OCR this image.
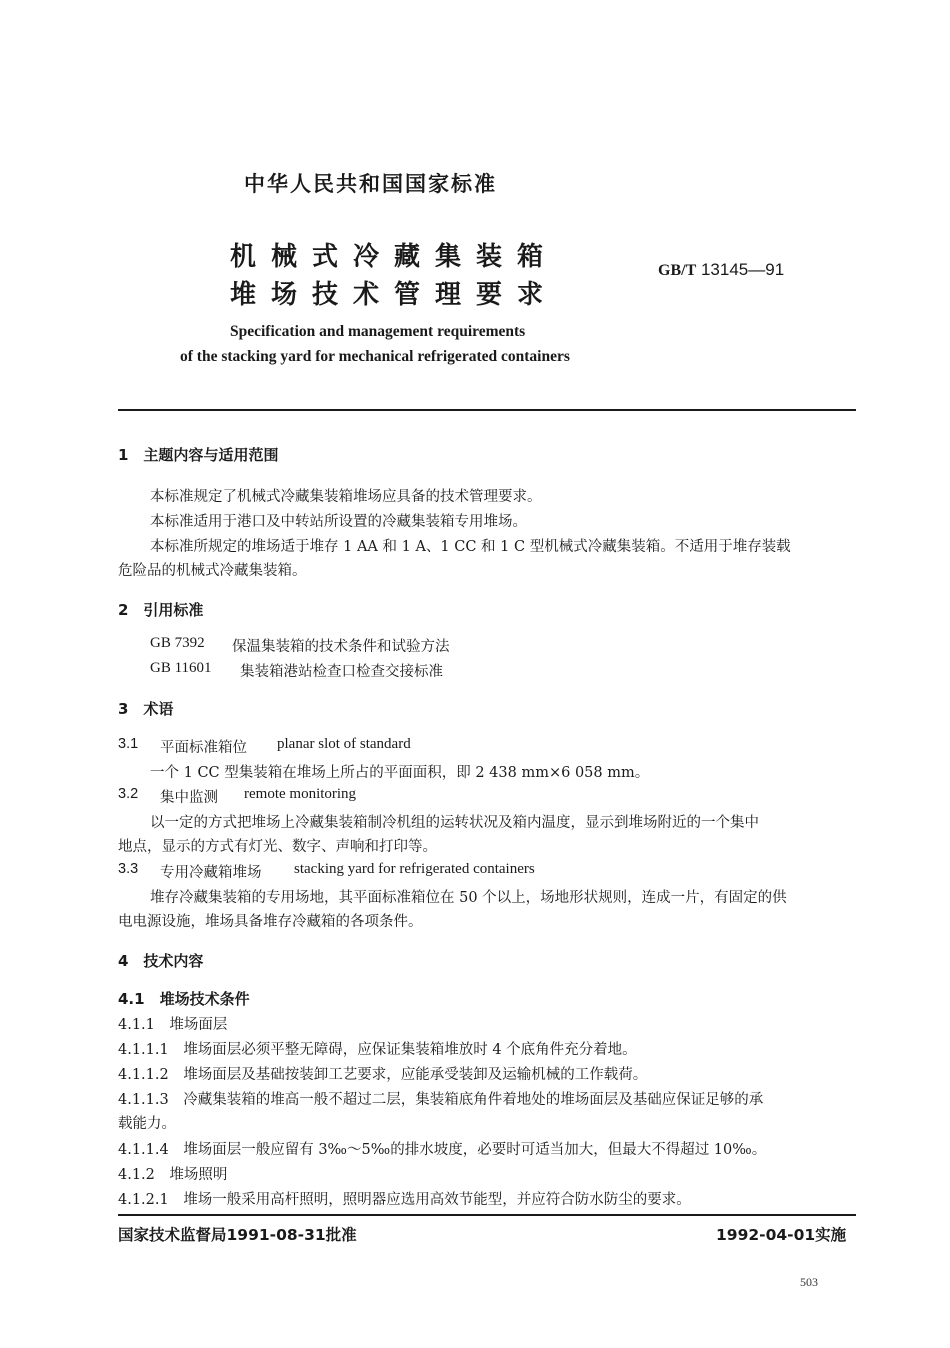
中华人民共和国国家标准
机械式冷藏集装箱
堆场技术管理要求
GB/T 13145—91
Specification and management requirements
of the stacking yard for mechanical refrigerated containers
1　主题内容与适用范围
本标准规定了机械式冷藏集装箱堆场应具备的技术管理要求。
本标准适用于港口及中转站所设置的冷藏集装箱专用堆场。
本标准所规定的堆场适于堆存 1 AA 和 1 A、1 CC 和 1 C 型机械式冷藏集装箱。不适用于堆存装载
危险品的机械式冷藏集装箱。
2　引用标准
GB 7392 保温集装箱的技术条件和试验方法
GB 11601 集装箱港站检查口检查交接标准
3　术语
3.1 平面标准箱位 planar slot of standard
一个 1 CC 型集装箱在堆场上所占的平面面积，即 2 438 mm×6 058 mm。
3.2 集中监测 remote monitoring
以一定的方式把堆场上冷藏集装箱制冷机组的运转状况及箱内温度，显示到堆场附近的一个集中
地点，显示的方式有灯光、数字、声响和打印等。
3.3 专用冷藏箱堆场 stacking yard for refrigerated containers
堆存冷藏集装箱的专用场地，其平面标准箱位在 50 个以上，场地形状规则，连成一片，有固定的供
电电源设施，堆场具备堆存冷藏箱的各项条件。
4　技术内容
4.1　堆场技术条件
4.1.1　堆场面层
4.1.1.1　堆场面层必须平整无障碍，应保证集装箱堆放时 4 个底角件充分着地。
4.1.1.2　堆场面层及基础按装卸工艺要求，应能承受装卸及运输机械的工作载荷。
4.1.1.3　冷藏集装箱的堆高一般不超过二层，集装箱底角件着地处的堆场面层及基础应保证足够的承
载能力。
4.1.1.4　堆场面层一般应留有 3‰～5‰的排水坡度，必要时可适当加大，但最大不得超过 10‰。
4.1.2　堆场照明
4.1.2.1　堆场一般采用高杆照明，照明器应选用高效节能型，并应符合防水防尘的要求。
国家技术监督局1991-08-31批准	1992-04-01实施
503
